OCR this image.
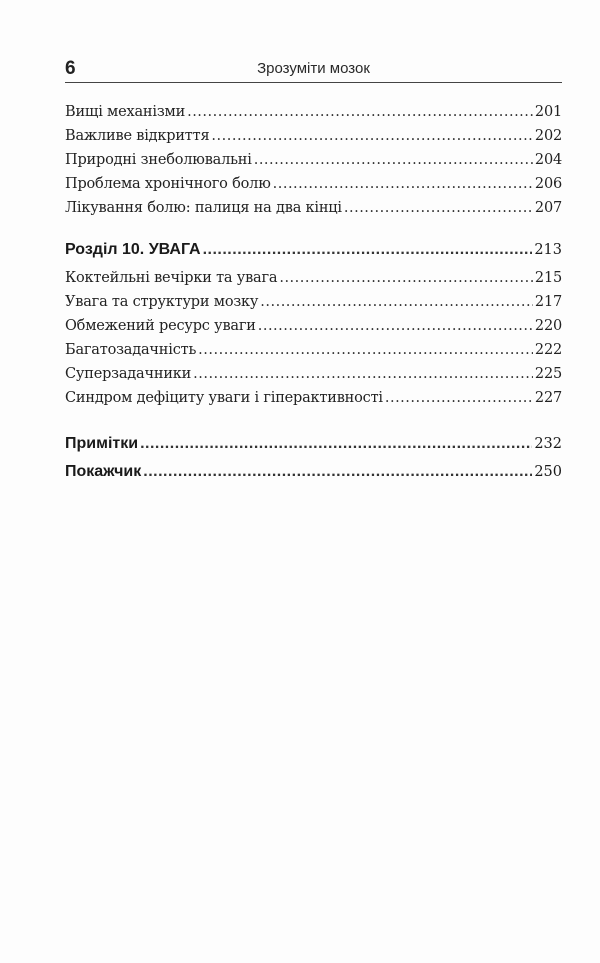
6	Зрозуміти мозок
Вищі механізми .....	201
Важливе відкриття .....	202
Природні знеболювальні .....	204
Проблема хронічного болю .....	206
Лікування болю: палиця на два кінці .....	207
Розділ 10. УВАГА .....	213
Коктейльні вечірки та увага .....	215
Увага та структури мозку .....	217
Обмежений ресурс уваги .....	220
Багатозадачність .....	222
Суперзадачники .....	225
Синдром дефіциту уваги і гіперактивності .....	227
Примітки .....	232
Покажчик .....	250
